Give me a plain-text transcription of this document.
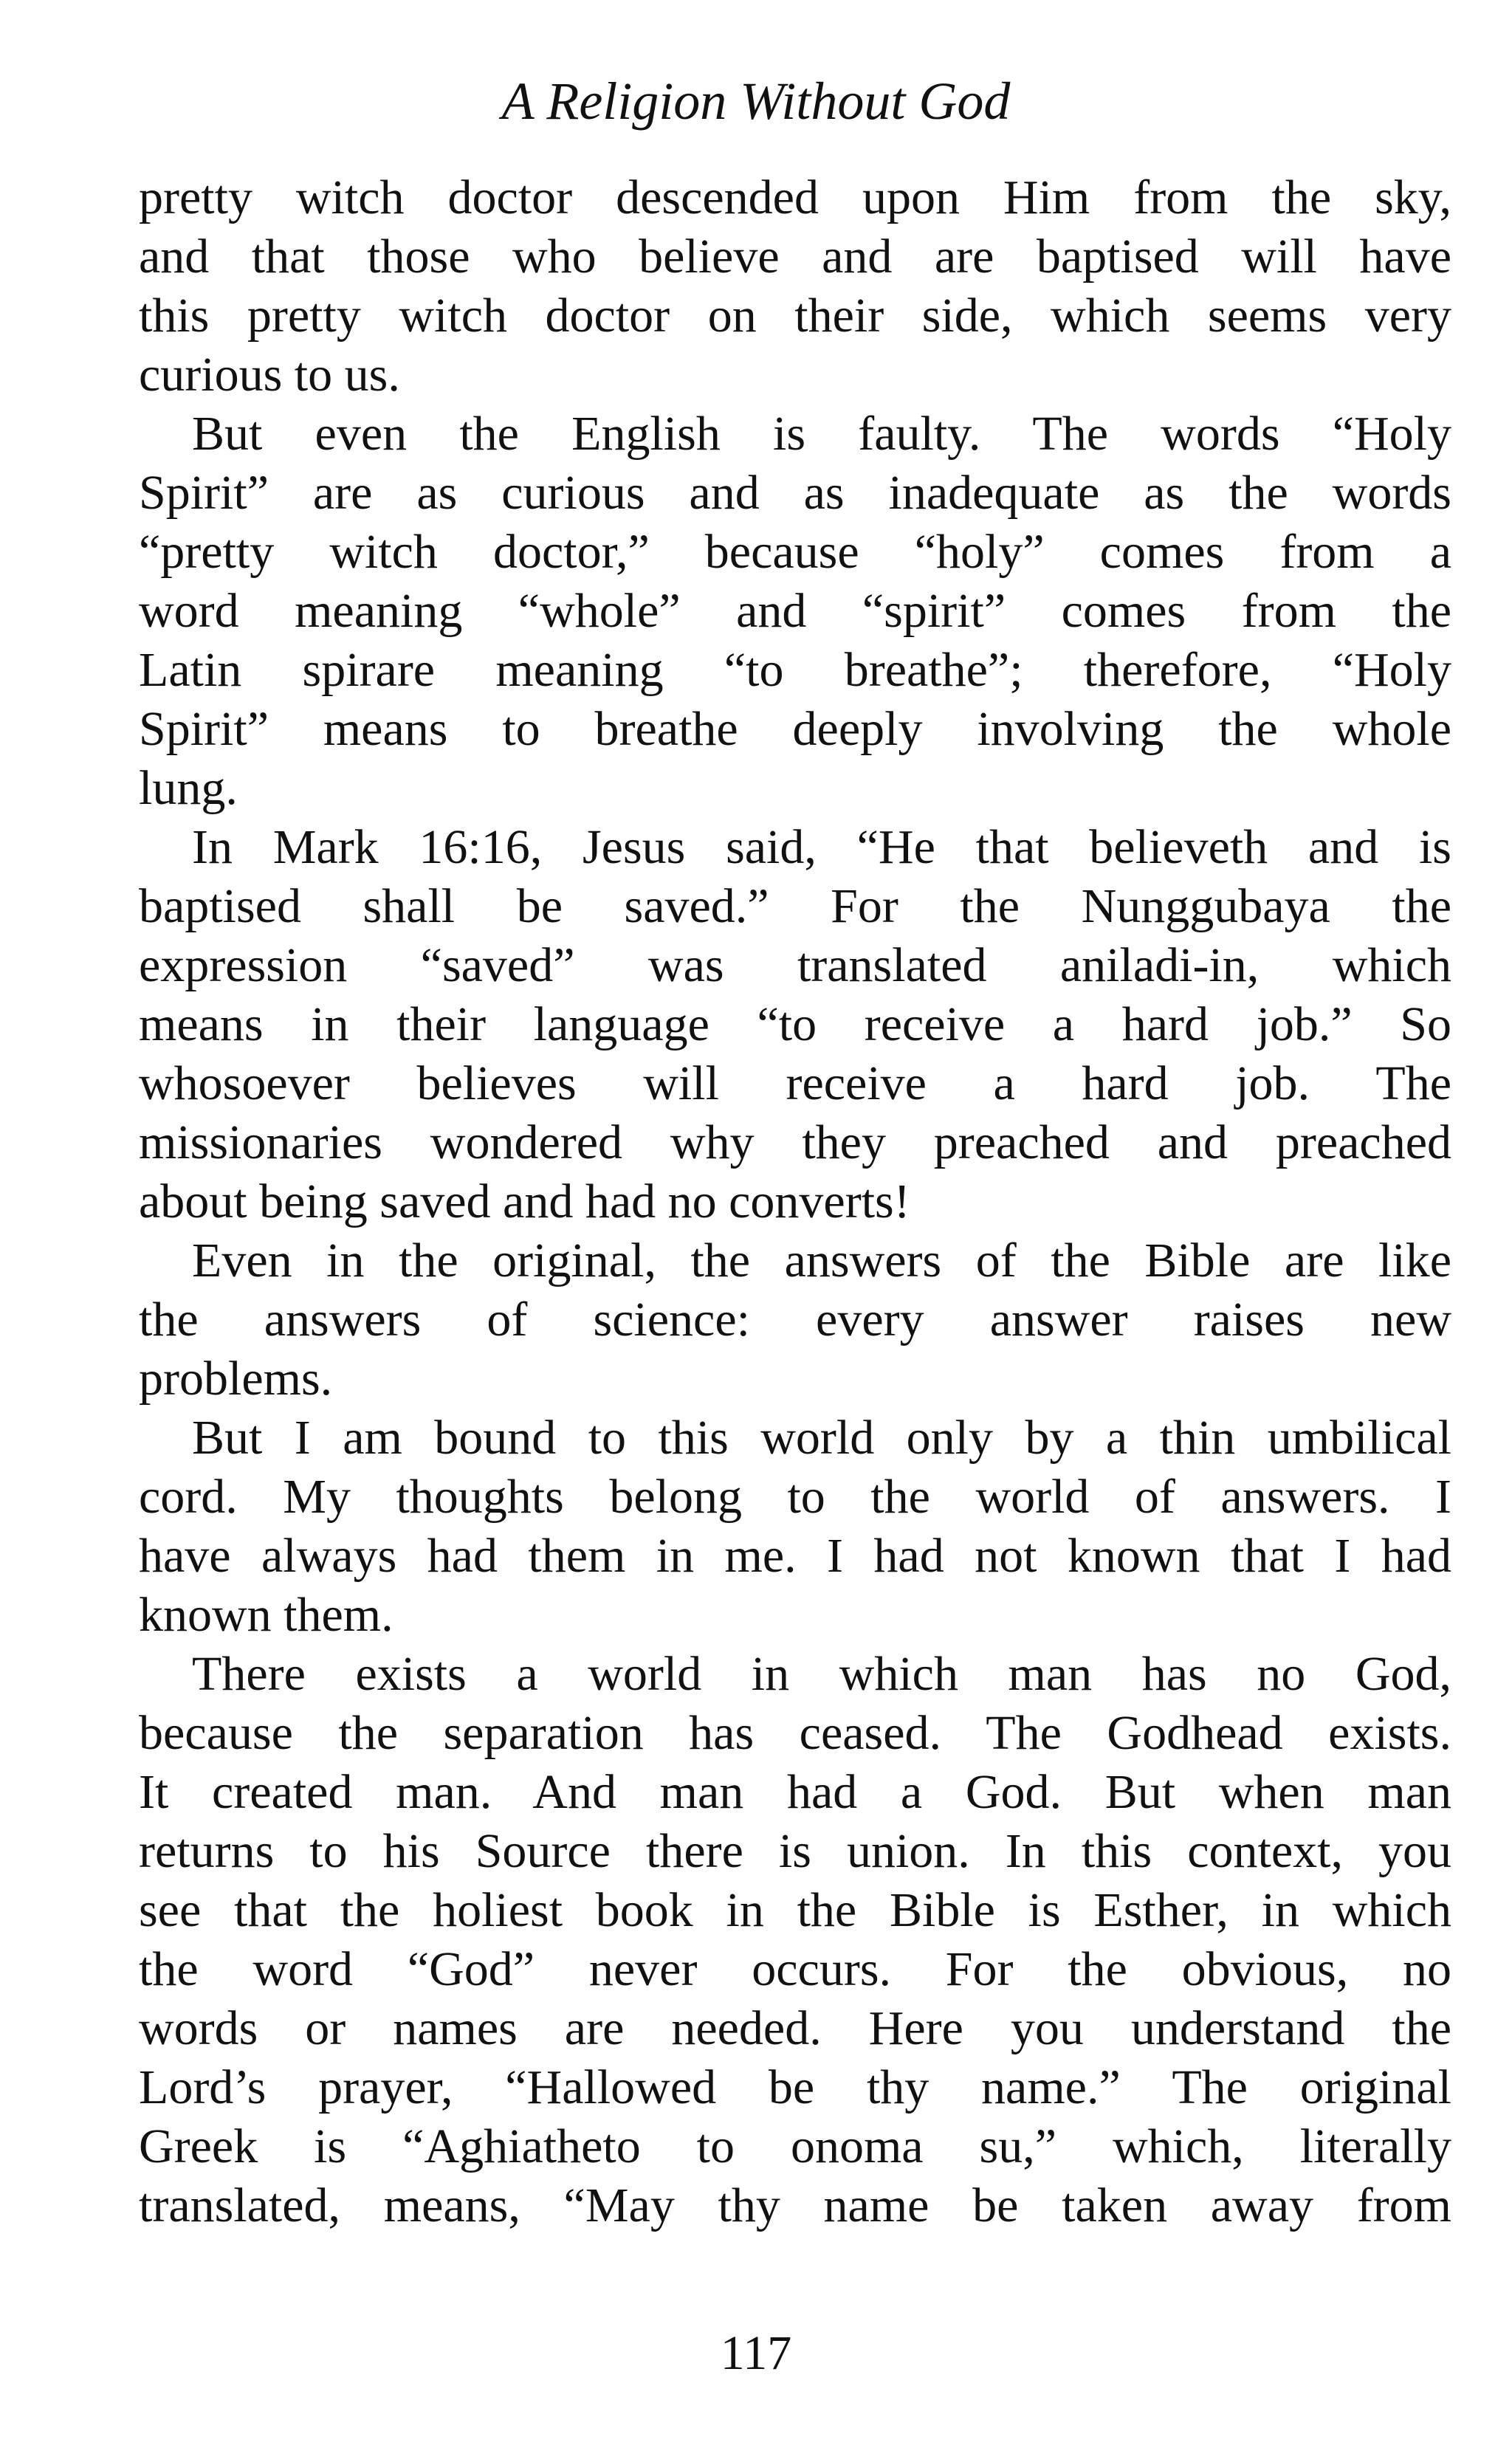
A Religion Without God
pretty witch doctor descended upon Him from the sky,
and that those who believe and are baptised will have
this pretty witch doctor on their side, which seems very
curious to us.
But even the English is faulty. The words “Holy
Spirit” are as curious and as inadequate as the words
“pretty witch doctor,” because “holy” comes from a
word meaning “whole” and “spirit” comes from the
Latin spirare meaning “to breathe”; therefore, “Holy
Spirit” means to breathe deeply involving the whole
lung.
In Mark 16:16, Jesus said, “He that believeth and is
baptised shall be saved.” For the Nunggubaya the
expression “saved” was translated aniladi-in, which
means in their language “to receive a hard job.” So
whosoever believes will receive a hard job. The
missionaries wondered why they preached and preached
about being saved and had no converts!
Even in the original, the answers of the Bible are like
the answers of science: every answer raises new
problems.
But I am bound to this world only by a thin umbilical
cord. My thoughts belong to the world of answers. I
have always had them in me. I had not known that I had
known them.
There exists a world in which man has no God,
because the separation has ceased. The Godhead exists.
It created man. And man had a God. But when man
returns to his Source there is union. In this context, you
see that the holiest book in the Bible is Esther, in which
the word “God” never occurs. For the obvious, no
words or names are needed. Here you understand the
Lord’s prayer, “Hallowed be thy name.” The original
Greek is “Aghiatheto to onoma su,” which, literally
translated, means, “May thy name be taken away from
117
